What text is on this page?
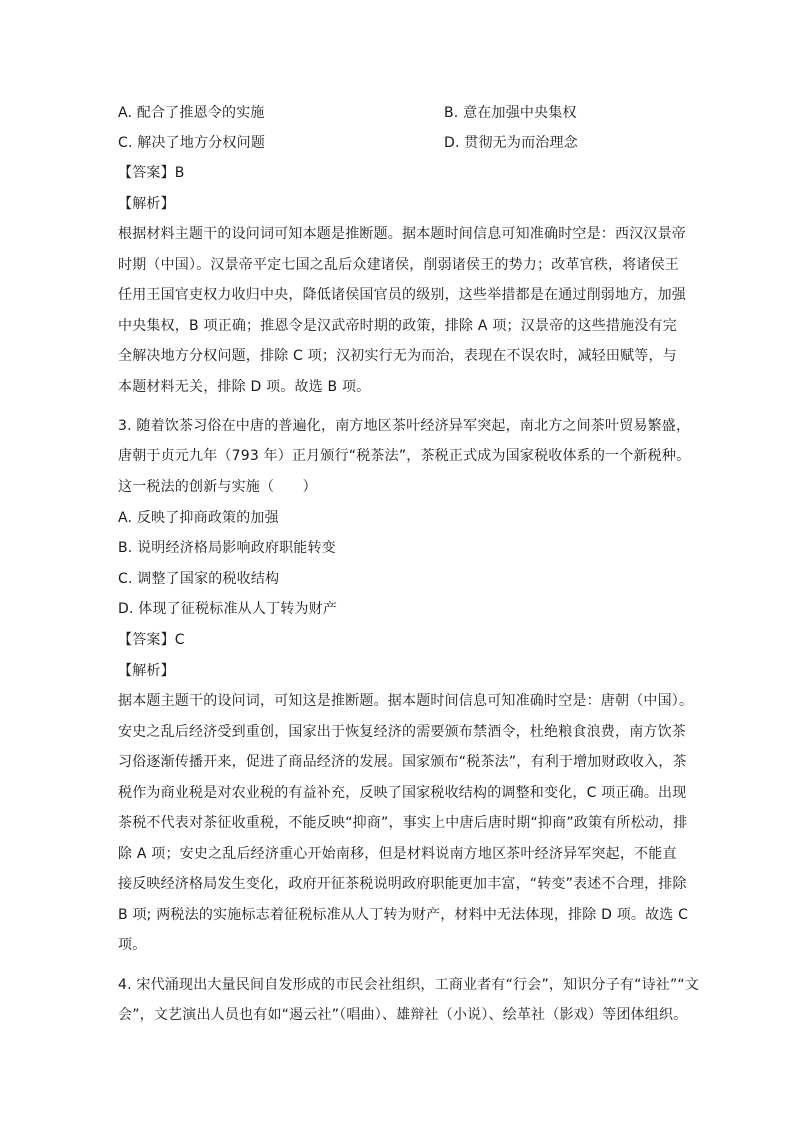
A. 配合了推恩令的实施	B. 意在加强中央集权
C. 解决了地方分权问题	D. 贯彻无为而治理念
【答案】B
【解析】
根据材料主题干的设问词可知本题是推断题。据本题时间信息可知准确时空是：西汉汉景帝
时期（中国）。汉景帝平定七国之乱后众建诸侯，削弱诸侯王的势力；改革官秩，将诸侯王
任用王国官吏权力收归中央，降低诸侯国官员的级别，这些举措都是在通过削弱地方，加强
中央集权，B 项正确；推恩令是汉武帝时期的政策，排除 A 项；汉景帝的这些措施没有完
全解决地方分权问题，排除 C 项；汉初实行无为而治，表现在不误农时，减轻田赋等，与
本题材料无关，排除 D 项。故选 B 项。
3. 随着饮茶习俗在中唐的普遍化，南方地区茶叶经济异军突起，南北方之间茶叶贸易繁盛，
唐朝于贞元九年（793 年）正月颁行“税茶法”，茶税正式成为国家税收体系的一个新税种。
这一税法的创新与实施（　　）
A. 反映了抑商政策的加强
B. 说明经济格局影响政府职能转变
C. 调整了国家的税收结构
D. 体现了征税标准从人丁转为财产
【答案】C
【解析】
据本题主题干的设问词，可知这是推断题。据本题时间信息可知准确时空是：唐朝（中国）。
安史之乱后经济受到重创，国家出于恢复经济的需要颁布禁酒令，杜绝粮食浪费，南方饮茶
习俗逐渐传播开来，促进了商品经济的发展。国家颁布“税茶法”，有利于增加财政收入，茶
税作为商业税是对农业税的有益补充，反映了国家税收结构的调整和变化，C 项正确。出现
茶税不代表对茶征收重税，不能反映“抑商”，事实上中唐后唐时期“抑商”政策有所松动，排
除 A 项；安史之乱后经济重心开始南移，但是材料说南方地区茶叶经济异军突起，不能直
接反映经济格局发生变化，政府开征茶税说明政府职能更加丰富，“转变”表述不合理，排除
B 项; 两税法的实施标志着征税标准从人丁转为财产，材料中无法体现，排除 D 项。故选 C
项。
4. 宋代涌现出大量民间自发形成的市民会社组织，工商业者有“行会”，知识分子有“诗社”“文
会”，文艺演出人员也有如“遏云社”（唱曲）、雄辩社（小说）、绘革社（影戏）等团体组织。
